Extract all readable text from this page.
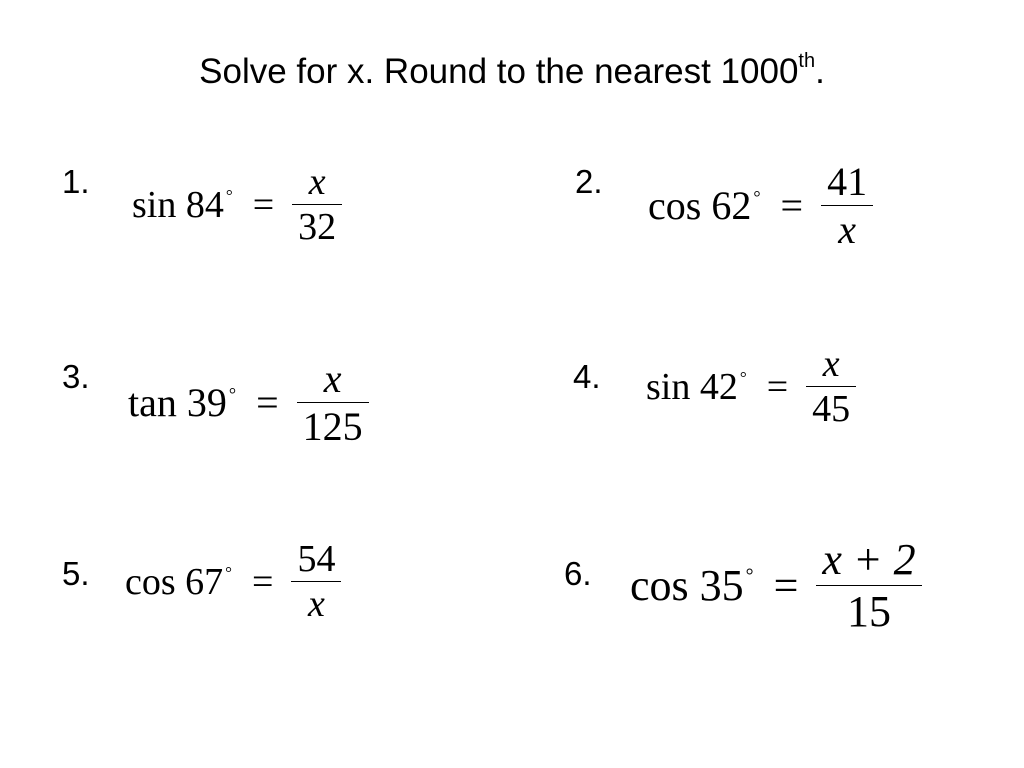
Solve for x. Round to the nearest 1000th.
1.
sin 84 $^\circ = \frac{x}{32}$	2.
cos 62 $^\circ = \frac{41}{x}$
3.
tan 39 $^\circ = \frac{x}{125}$	4. sin 42 $^\circ = \frac{x}{45}$
5. cos 67 $^\circ = \frac{54}{x}$	6. cos 35 $^\circ = \frac{x + 2}{15}$
